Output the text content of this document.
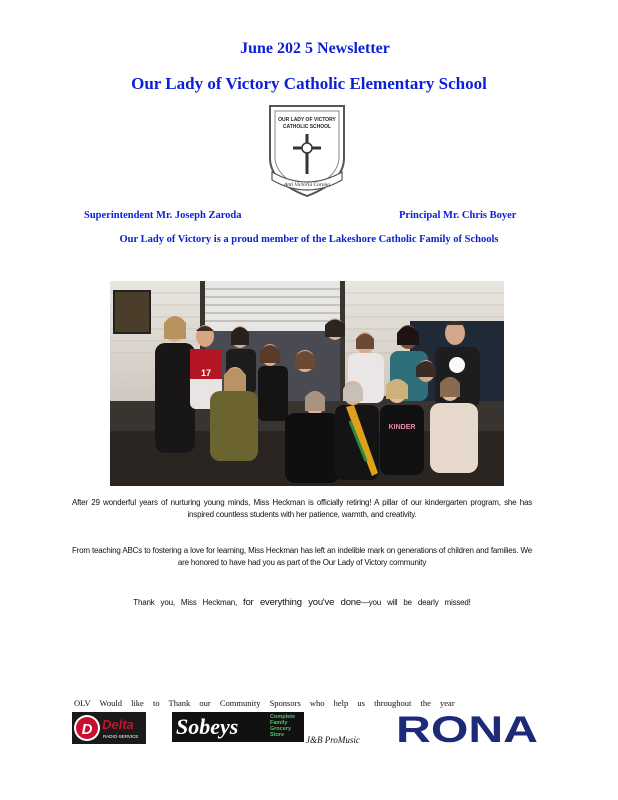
June 202 5 Newsletter
Our Lady of Victory Catholic Elementary School
OUR LADY OF VICTORY
CATHOLIC SCHOOL
Anti Victoria Corona
Superintendent Mr. Joseph Zaroda	Principal Mr. Chris Boyer
Our Lady of Victory is a proud member of the Lakeshore Catholic Family of Schools
17
KINDER
After 29 wonderful years of nurturing young minds, Miss Heckman is officially retiring! A pillar of our kindergarten program, she has inspired countless students with her patience, warmth, and creativity.
From teaching ABCs to fostering a love for learning, Miss Heckman has left an indelible mark on generations of children and families. We are honored to have had you as part of the Our Lady of Victory community
Thank you, Miss Heckman, for everything you've done—you will be dearly missed!
OLV Would like to Thank our Community Sponsors who help us throughout the year
D Delta
RADIO-SERVICE Sobeys	Complete Family Grocery Store	J&B ProMusic RONA
